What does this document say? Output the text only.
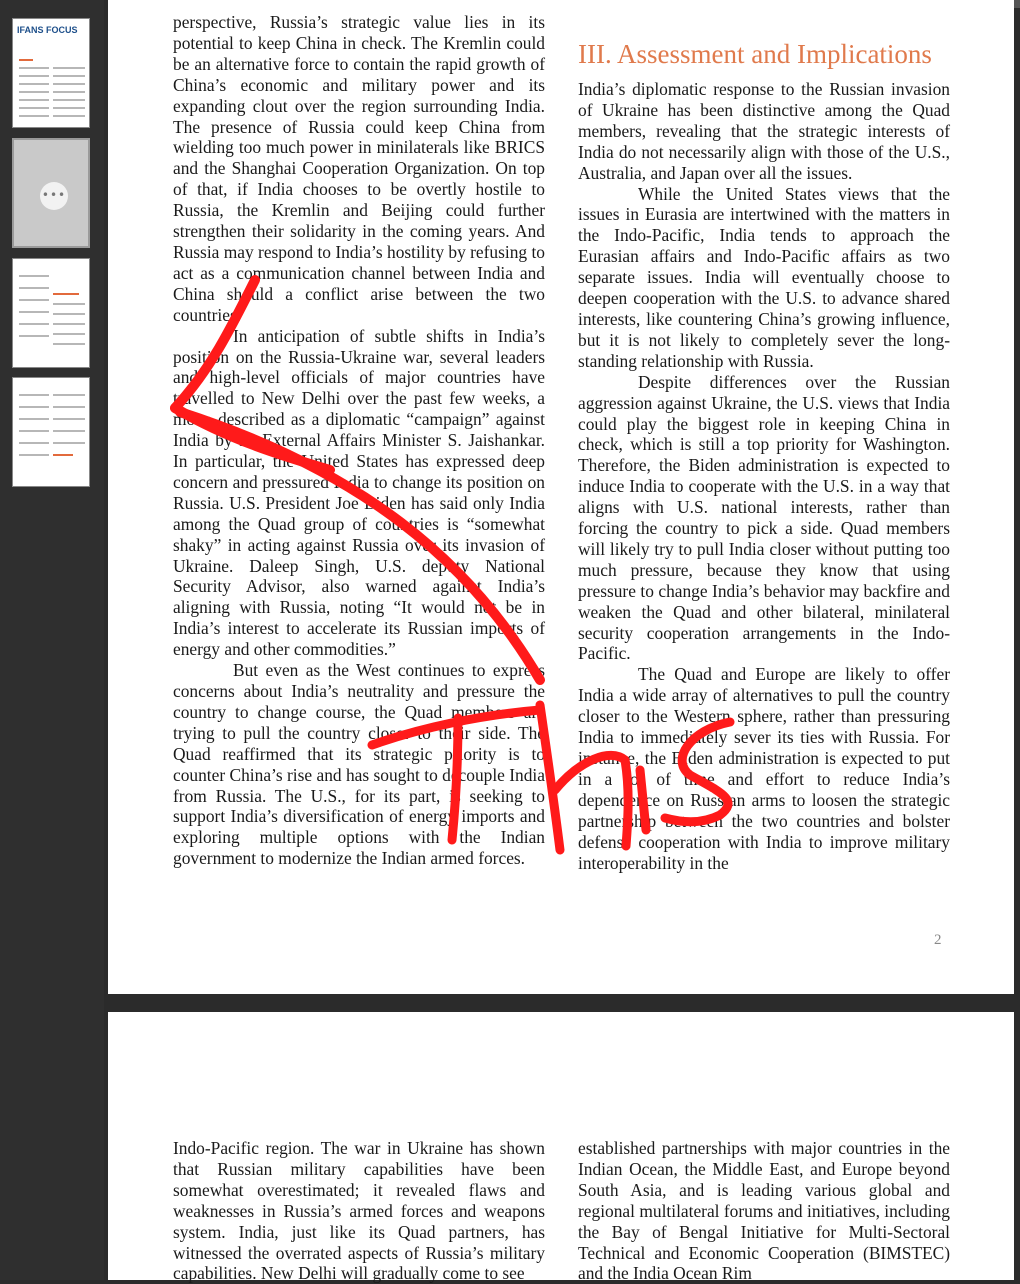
IFANS FOCUS
•••

perspective, Russia’s strategic value lies in its potential to keep China in check. The Kremlin could be an alternative force to contain the rapid growth of China’s economic and military power and its expanding clout over the region surrounding India. The presence of Russia could keep China from wielding too much power in minilaterals like BRICS and the Shanghai Cooperation Organization. On top of that, if India chooses to be overtly hostile to Russia, the Kremlin and Beijing could further strengthen their solidarity in the coming years. And Russia may respond to India’s hostility by refusing to act as a communication channel between India and China should a conflict arise between the two countries.

In anticipation of subtle shifts in India’s position on the Russia-Ukraine war, several leaders and high-level officials of major countries have travelled to New Delhi over the past few weeks, a move described as a diplomatic “campaign” against India by its External Affairs Minister S. Jaishankar. In particular, the United States has expressed deep concern and pressured India to change its position on Russia. U.S. President Joe Biden has said only India among the Quad group of countries is “somewhat shaky” in acting against Russia over its invasion of Ukraine. Daleep Singh, U.S. deputy National Security Advisor, also warned against India’s aligning with Russia, noting “It would not be in India’s interest to accelerate its Russian imports of energy and other commodities.”

But even as the West continues to express concerns about India’s neutrality and pressure the country to change course, the Quad members are trying to pull the country closer to their side. The Quad reaffirmed that its strategic priority is to counter China’s rise and has sought to decouple India from Russia. The U.S., for its part, is seeking to support India’s diversification of energy imports and exploring multiple options with the Indian government to modernize the Indian armed forces.

III. Assessment and Implications

India’s diplomatic response to the Russian invasion of Ukraine has been distinctive among the Quad members, revealing that the strategic interests of India do not necessarily align with those of the U.S., Australia, and Japan over all the issues.

While the United States views that the issues in Eurasia are intertwined with the matters in the Indo-Pacific, India tends to approach the Eurasian affairs and Indo-Pacific affairs as two separate issues. India will eventually choose to deepen cooperation with the U.S. to advance shared interests, like countering China’s growing influence, but it is not likely to completely sever the long-standing relationship with Russia.

Despite differences over the Russian aggression against Ukraine, the U.S. views that India could play the biggest role in keeping China in check, which is still a top priority for Washington. Therefore, the Biden administration is expected to induce India to cooperate with the U.S. in a way that aligns with U.S. national interests, rather than forcing the country to pick a side. Quad members will likely try to pull India closer without putting too much pressure, because they know that using pressure to change India’s behavior may backfire and weaken the Quad and other bilateral, minilateral security cooperation arrangements in the Indo-Pacific.

The Quad and Europe are likely to offer India a wide array of alternatives to pull the country closer to the Western sphere, rather than pressuring India to immediately sever its ties with Russia. For instance, the Biden administration is expected to put in a lot of time and effort to reduce India’s dependence on Russian arms to loosen the strategic partnership between the two countries and bolster defense cooperation with India to improve military interoperability in the

2

Indo-Pacific region. The war in Ukraine has shown that Russian military capabilities have been somewhat overestimated; it revealed flaws and weaknesses in Russia’s armed forces and weapons system. India, just like its Quad partners, has witnessed the overrated aspects of Russia’s military capabilities. New Delhi will gradually come to see

established partnerships with major countries in the Indian Ocean, the Middle East, and Europe beyond South Asia, and is leading various global and regional multilateral forums and initiatives, including the Bay of Bengal Initiative for Multi-Sectoral Technical and Economic Cooperation (BIMSTEC) and the India Ocean Rim
